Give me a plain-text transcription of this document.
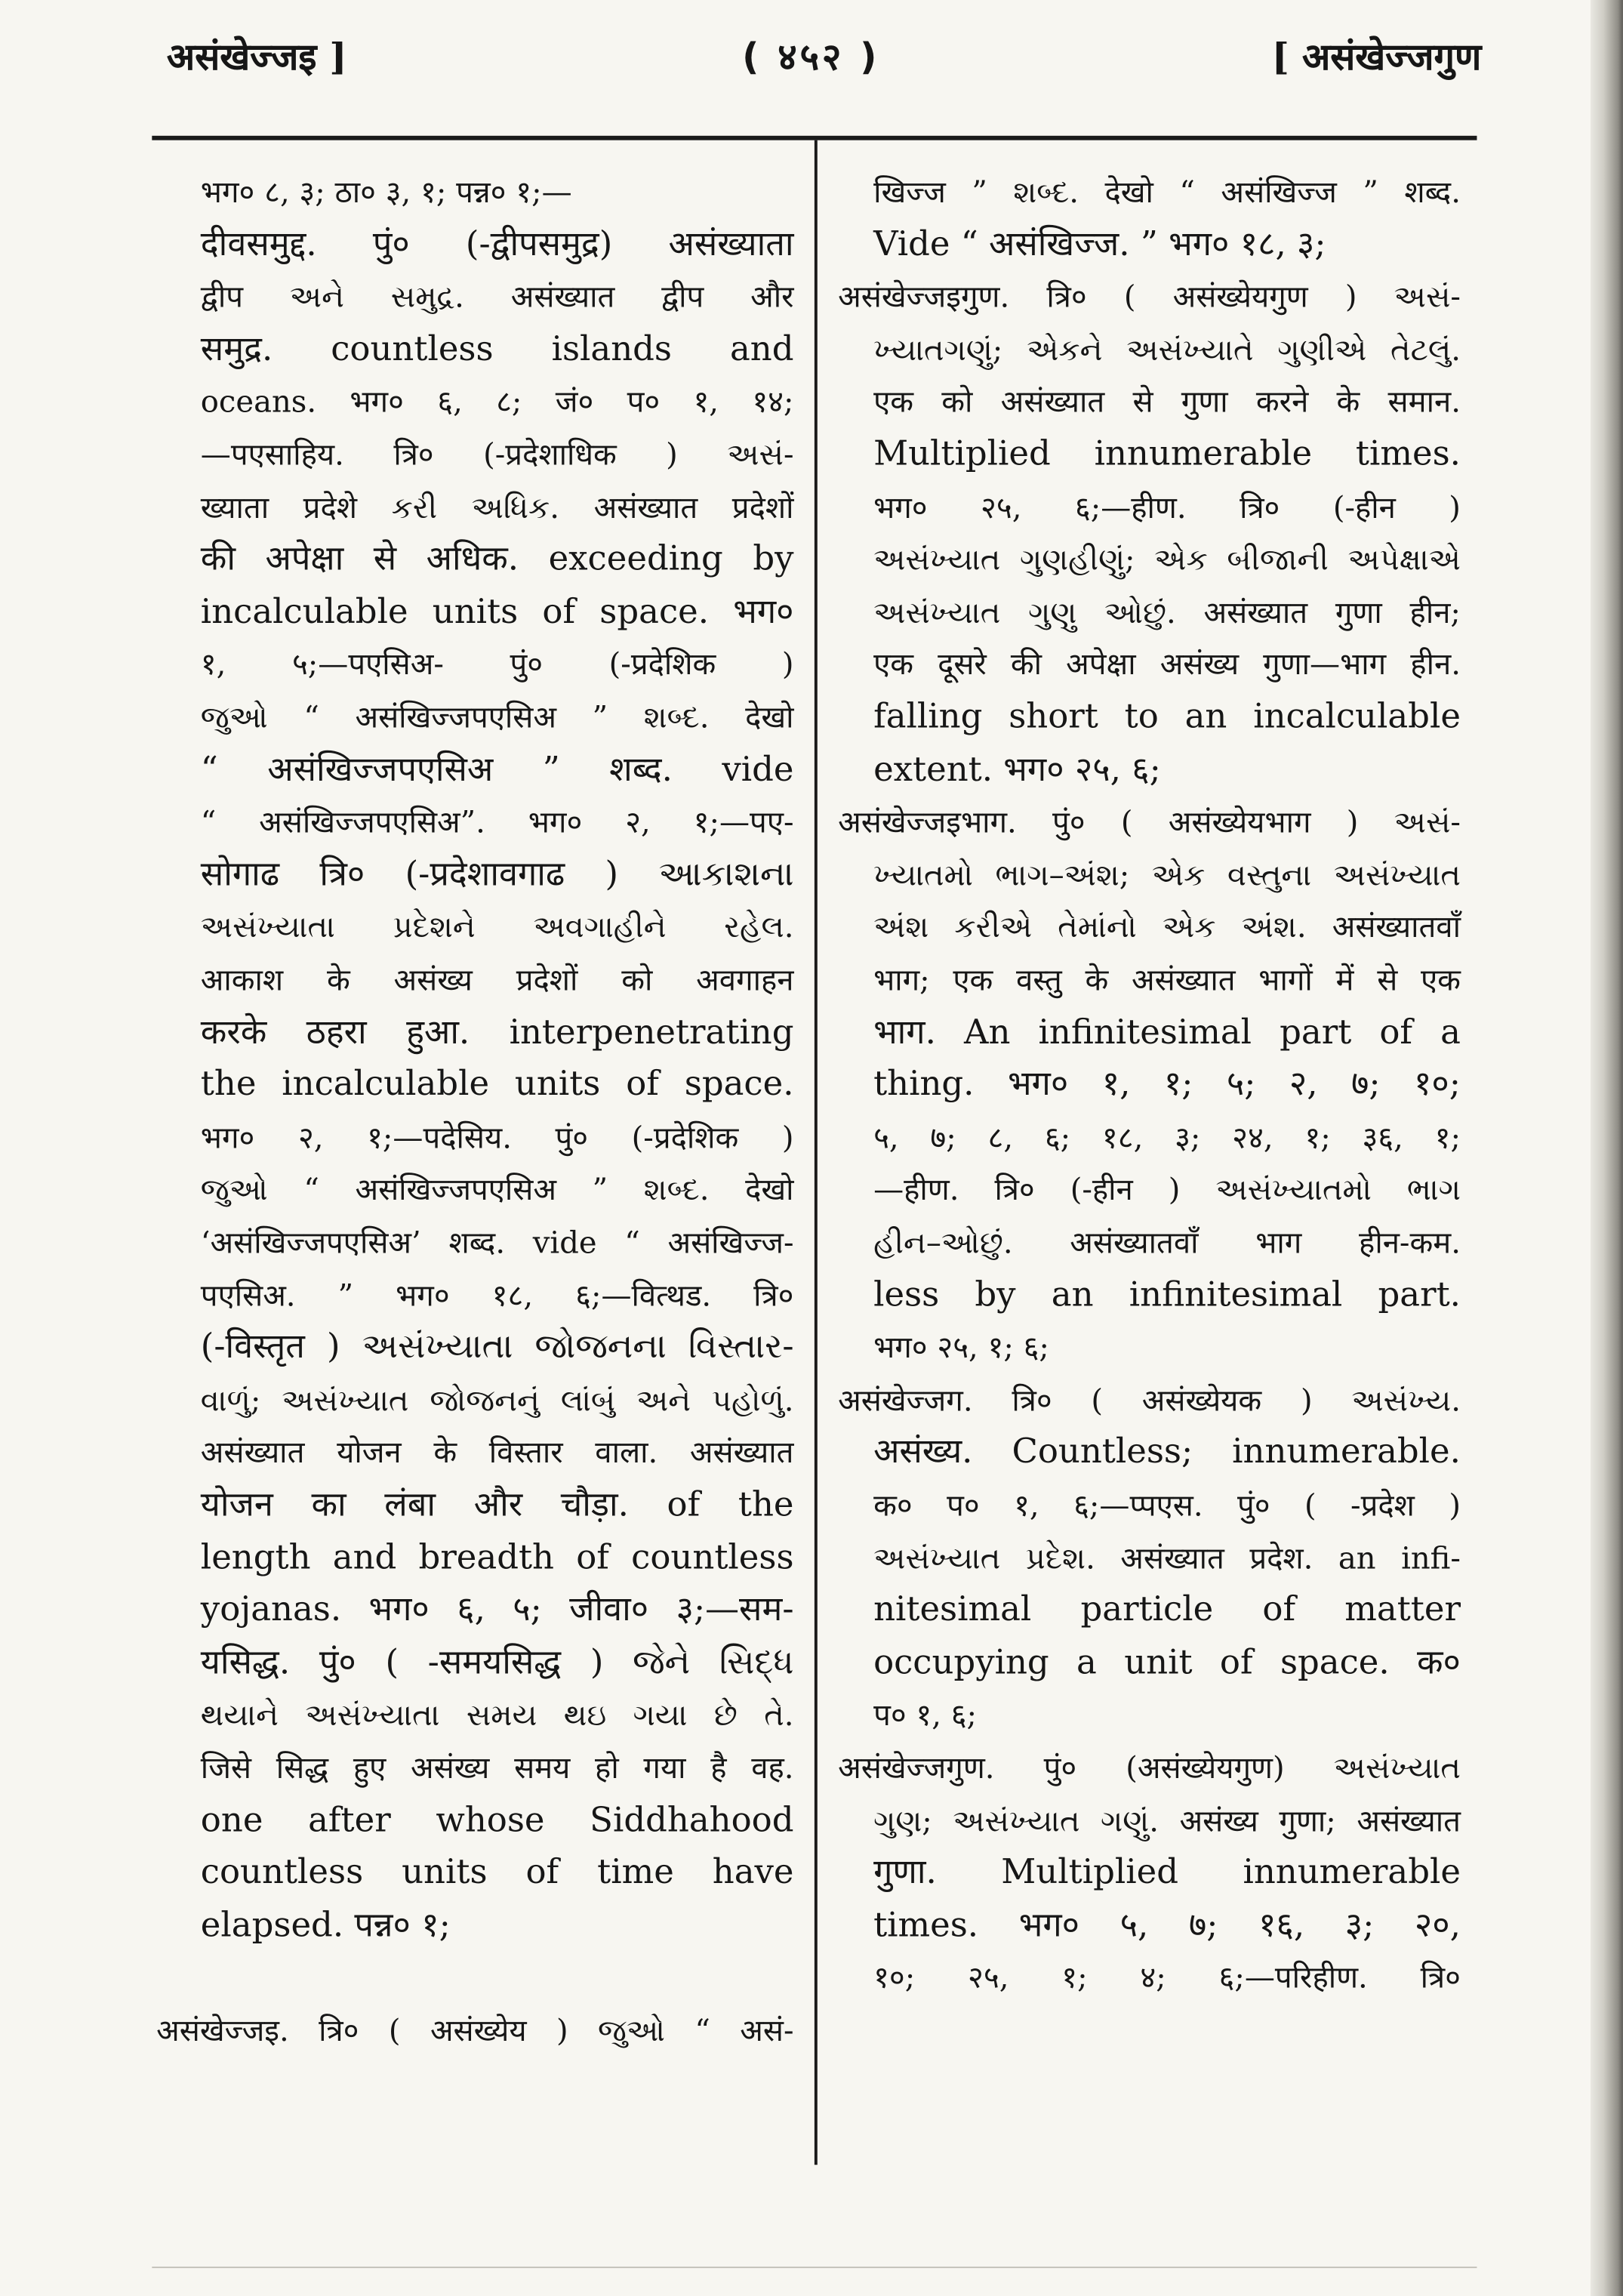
असंखेज्जइ ]	( ४५२ )	[ असंखेज्जगुण
भग० ८, ३; ठा० ३, १; पन्न० १;—
दीवसमुद्द. पुं० (-द्वीपसमुद्र) असंख्याता
द्वीप અને સમુદ્ર. असंख्यात द्वीप और
समुद्र. countless islands and
oceans. भग० ६, ८; जं० प० १, १४;
—पएसाहिय. त्रि० (-प्रदेशाधिक ) અસં-
ख्याता प्रदेशे કરી અધિક. असंख्यात प्रदेशों
की अपेक्षा से अधिक. exceeding by
incalculable units of space. भग०
१, ५;—पएसिअ- पुं० (-प्रदेशिक )
જુઓ “ असंखिज्जपएसिअ ” શબ્દ. देखो
“ असंखिज्जपएसिअ ” शब्द. vide
“ असंखिज्जपएसिअ”. भग० २, १;—पए-
सोगाढ त्रि० (-प्रदेशावगाढ ) આકાશના
અસંખ્યાતા પ્રદેશને અવગાહીને રહેલ.
आकाश के असंख्य प्रदेशों को अवगाहन
करके ठहरा हुआ. interpenetrating
the incalculable units of space.
भग० २, १;—पदेसिय. पुं० (-प्रदेशिक )
જુઓ “ असंखिज्जपएसिअ ” શબ્દ. देखो
‘असंखिज्जपएसिअ’ शब्द. vide “ असंखिज्ज-
पएसिअ. ” भग० १८, ६;—वित्थड. त्रि०
(-विस्तृत ) અસંખ્યાતા જોજનના વિસ્તાર-
વાળું; અસંખ્યાત જોજનનું લાંબું અને પહોળું.
असंख्यात योजन के विस्तार वाला. असंख्यात
योजन का लंबा और चौड़ा. of the
length and breadth of countless
yojanas. भग० ६, ५; जीवा० ३;—सम-
यसिद्ध. पुं० ( -समयसिद्ध ) જેને સિદ્ધ
થયાને અસંખ્યાતા સમય થઇ ગયા છે તે.
जिसे सिद्ध हुए असंख्य समय हो गया है वह.
one after whose Siddhahood
countless units of time have
elapsed. पन्न० १;
असंखेज्जइ. त्रि० ( असंख्येय ) જુઓ “ असं-
खिज्ज ” શબ્દ. देखो “ असंखिज्ज ” शब्द.
Vide “ असंखिज्ज. ” भग० १८, ३;
असंखेज्जइगुण. त्रि० ( असंख्येयगुण ) અસં-
ખ્યાતગણું; એકને અસંખ્યાતે ગુણીએ તેટલું.
एक को असंख्यात से गुणा करने के समान.
Multiplied innumerable times.
भग० २५, ६;—हीण. त्रि० (-हीन )
અસંખ્યાત ગુણહીણું; એક બીજાની અપેક્ષાએ
અસંખ્યાત ગુણુ ઓછું. असंख्यात गुणा हीन;
एक दूसरे की अपेक्षा असंख्य गुणा—भाग हीन.
falling short to an incalculable
extent. भग० २५, ६;
असंखेज्जइभाग. पुं० ( असंख्येयभाग ) અસં-
ખ્યાતમો ભાગ–અંશ; એક વસ્તુના અસંખ્યાત
અંશ કરીએ તેમાંનો એક અંશ. असंख्यातवाँ
भाग; एक वस्तु के असंख्यात भागों में से एक
भाग. An infinitesimal part of a
thing. भग० १, १; ५; २, ७; १०;
५, ७; ८, ६; १८, ३; २४, १; ३६, १;
—हीण. त्रि० (-हीन ) અસંખ્યાતમો ભાગ
હીન–ઓછું. असंख्यातवाँ भाग हीन-कम.
less by an infinitesimal part.
भग० २५, १; ६;
असंखेज्जग. त्रि० ( असंख्येयक ) અસંખ્ય.
असंख्य. Countless; innumerable.
क० प० १, ६;—प्पएस. पुं० ( -प्रदेश )
અસંખ્યાત પ્રદેશ. असंख्यात प्रदेश. an infi-
nitesimal particle of matter
occupying a unit of space. क०
प० १, ६;
असंखेज्जगुण. पुं० (असंख्येयगुण) અસંખ્યાત
ગુણ; અસંખ્યાત ગણું. असंख्य गुणा; असंख्यात
गुणा. Multiplied innumerable
times. भग० ५, ७; १६, ३; २०,
१०; २५, १; ४; ६;—परिहीण. त्रि०
